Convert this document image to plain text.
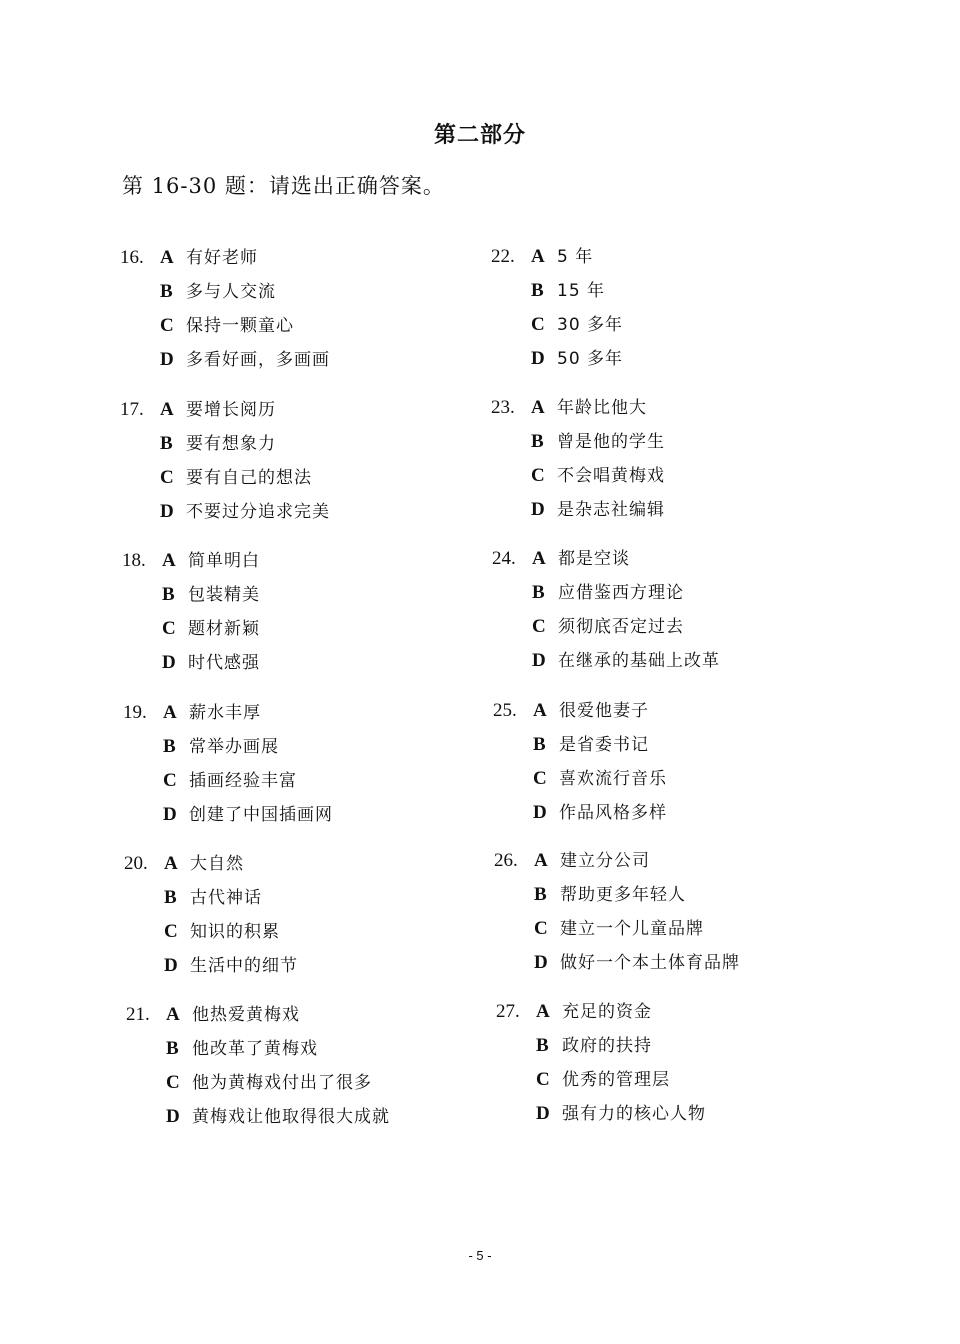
第二部分
第 16-30 题：请选出正确答案。
16. A 有好老师
B 多与人交流
C 保持一颗童心
D 多看好画，多画画
17. A 要增长阅历
B 要有想象力
C 要有自己的想法
D 不要过分追求完美
18. A 简单明白
B 包装精美
C 题材新颖
D 时代感强
19. A 薪水丰厚
B 常举办画展
C 插画经验丰富
D 创建了中国插画网
20. A 大自然
B 古代神话
C 知识的积累
D 生活中的细节
21. A 他热爱黄梅戏
B 他改革了黄梅戏
C 他为黄梅戏付出了很多
D 黄梅戏让他取得很大成就
22. A 5 年
B 15 年
C 30 多年
D 50 多年
23. A 年龄比他大
B 曾是他的学生
C 不会唱黄梅戏
D 是杂志社编辑
24. A 都是空谈
B 应借鉴西方理论
C 须彻底否定过去
D 在继承的基础上改革
25. A 很爱他妻子
B 是省委书记
C 喜欢流行音乐
D 作品风格多样
26. A 建立分公司
B 帮助更多年轻人
C 建立一个儿童品牌
D 做好一个本土体育品牌
27. A 充足的资金
B 政府的扶持
C 优秀的管理层
D 强有力的核心人物
- 5 -
